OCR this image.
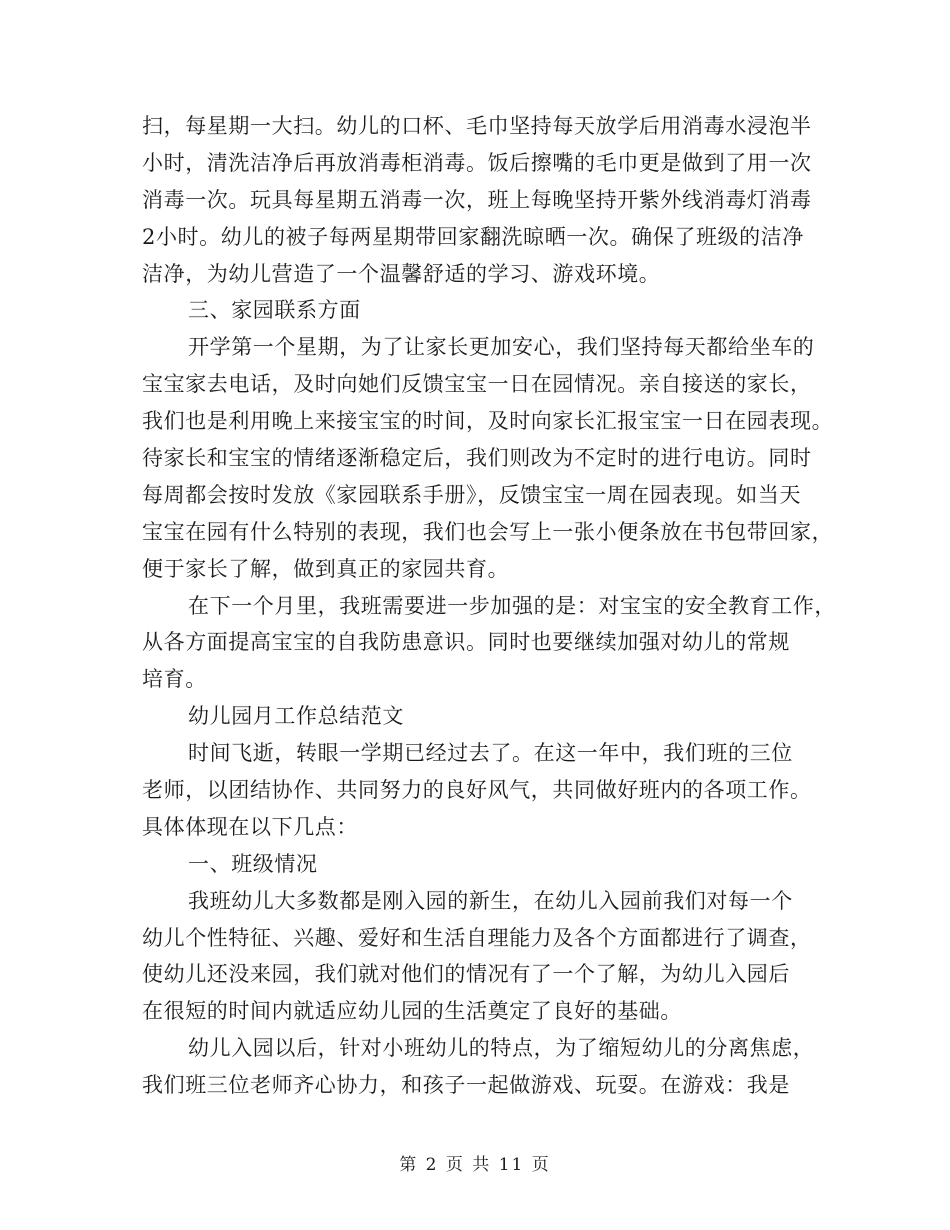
扫，每星期一大扫。幼儿的口杯、毛巾坚持每天放学后用消毒水浸泡半
小时，清洗洁净后再放消毒柜消毒。饭后擦嘴的毛巾更是做到了用一次
消毒一次。玩具每星期五消毒一次，班上每晚坚持开紫外线消毒灯消毒
2小时。幼儿的被子每两星期带回家翻洗晾晒一次。确保了班级的洁净
洁净，为幼儿营造了一个温馨舒适的学习、游戏环境。
三、家园联系方面
开学第一个星期，为了让家长更加安心，我们坚持每天都给坐车的
宝宝家去电话，及时向她们反馈宝宝一日在园情况。亲自接送的家长，
我们也是利用晚上来接宝宝的时间，及时向家长汇报宝宝一日在园表现。
待家长和宝宝的情绪逐渐稳定后，我们则改为不定时的进行电访。同时
每周都会按时发放《家园联系手册》，反馈宝宝一周在园表现。如当天
宝宝在园有什么特别的表现，我们也会写上一张小便条放在书包带回家，
便于家长了解，做到真正的家园共育。
在下一个月里，我班需要进一步加强的是：对宝宝的安全教育工作，
从各方面提高宝宝的自我防患意识。同时也要继续加强对幼儿的常规
培育。
幼儿园月工作总结范文
时间飞逝，转眼一学期已经过去了。在这一年中，我们班的三位
老师，以团结协作、共同努力的良好风气，共同做好班内的各项工作。
具体体现在以下几点：
一、班级情况
我班幼儿大多数都是刚入园的新生，在幼儿入园前我们对每一个
幼儿个性特征、兴趣、爱好和生活自理能力及各个方面都进行了调查，
使幼儿还没来园，我们就对他们的情况有了一个了解，为幼儿入园后
在很短的时间内就适应幼儿园的生活奠定了良好的基础。
幼儿入园以后，针对小班幼儿的特点，为了缩短幼儿的分离焦虑，
我们班三位老师齐心协力，和孩子一起做游戏、玩耍。在游戏：我是
第 2 页 共 11 页
